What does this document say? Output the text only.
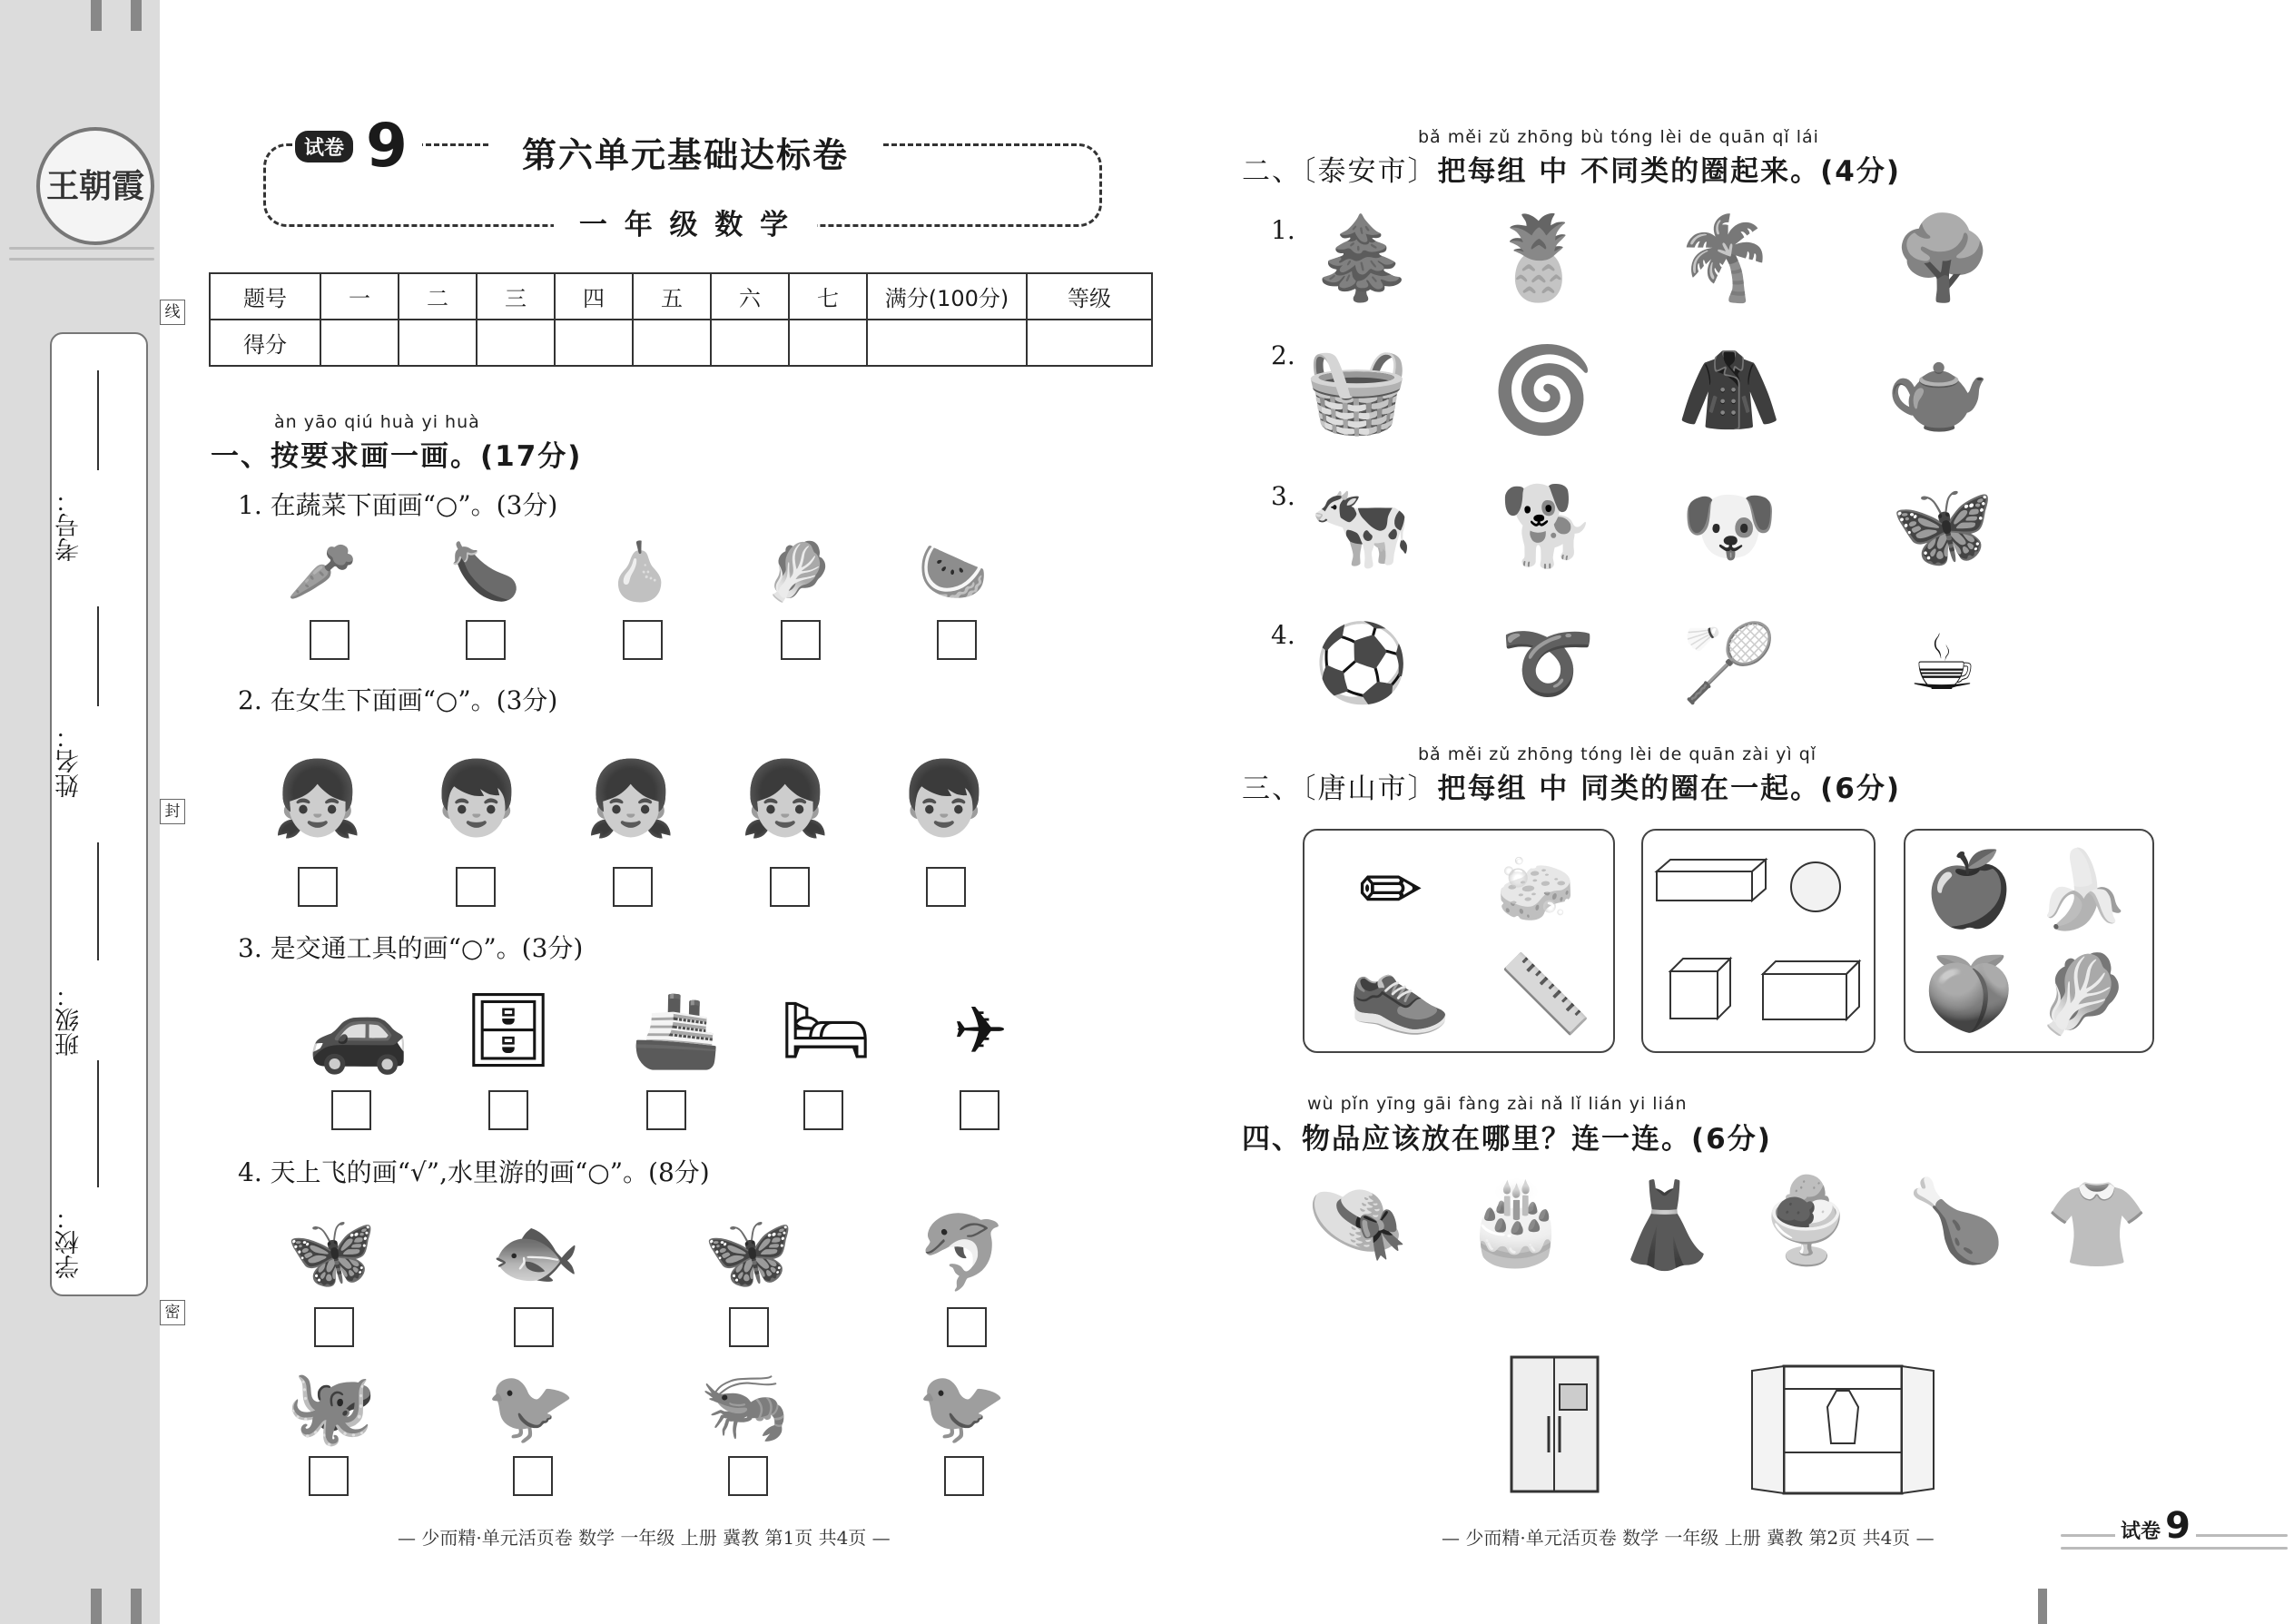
王朝霞
考号：
姓名：
班级：
学校：
线
封
密
试卷 9	第六单元基础达标卷
一 年 级 数 学
题号	一	二	三	四	五	六	七	满分(100分)	等级
得分									
àn yāo qiú huà yi huà
一、按要求画一画。(17分)
1. 在蔬菜下面画“○”。(3分)
🥕 🍆 🍐 🥬 🍉
2. 在女生下面画“○”。(3分)
👧 👦 👧 👧 👦
3. 是交通工具的画“○”。(3分)
🚗 🗄	🚢 🛏	✈
4. 天上飞的画“√”,水里游的画“○”。(8分)
🦋 🐟 🦋 🐬
🐙 🐦 🦐 🐦
— 少而精·单元活页卷 数学 一年级 上册 冀教 第1页 共4页 —
bǎ měi zǔ zhōng bù tóng lèi de quān qǐ lái
二、〔泰安市〕把每组 中 不同类的圈起来。(4分)
1. 🌲 🍍 🌴 🌳
2. 🧺 🌀 🧥 🫖
3. 🐄 🐕 🐶 🦋
4. ⚽ ➰ 🏸 ☕
bǎ měi zǔ zhōng tóng lèi de quān zài yì qǐ
三、〔唐山市〕把每组 中 同类的圈在一起。(6分)
✏	🧽
👟 📏
🍎 🍌
🍑 🥬
wù pǐn yīng gāi fàng zài nǎ lǐ lián yi lián
四、物品应该放在哪里？连一连。(6分)
👒 🎂 👗 🍨 🍗 👚
— 少而精·单元活页卷 数学 一年级 上册 冀教 第2页 共4页 —	试卷 9
